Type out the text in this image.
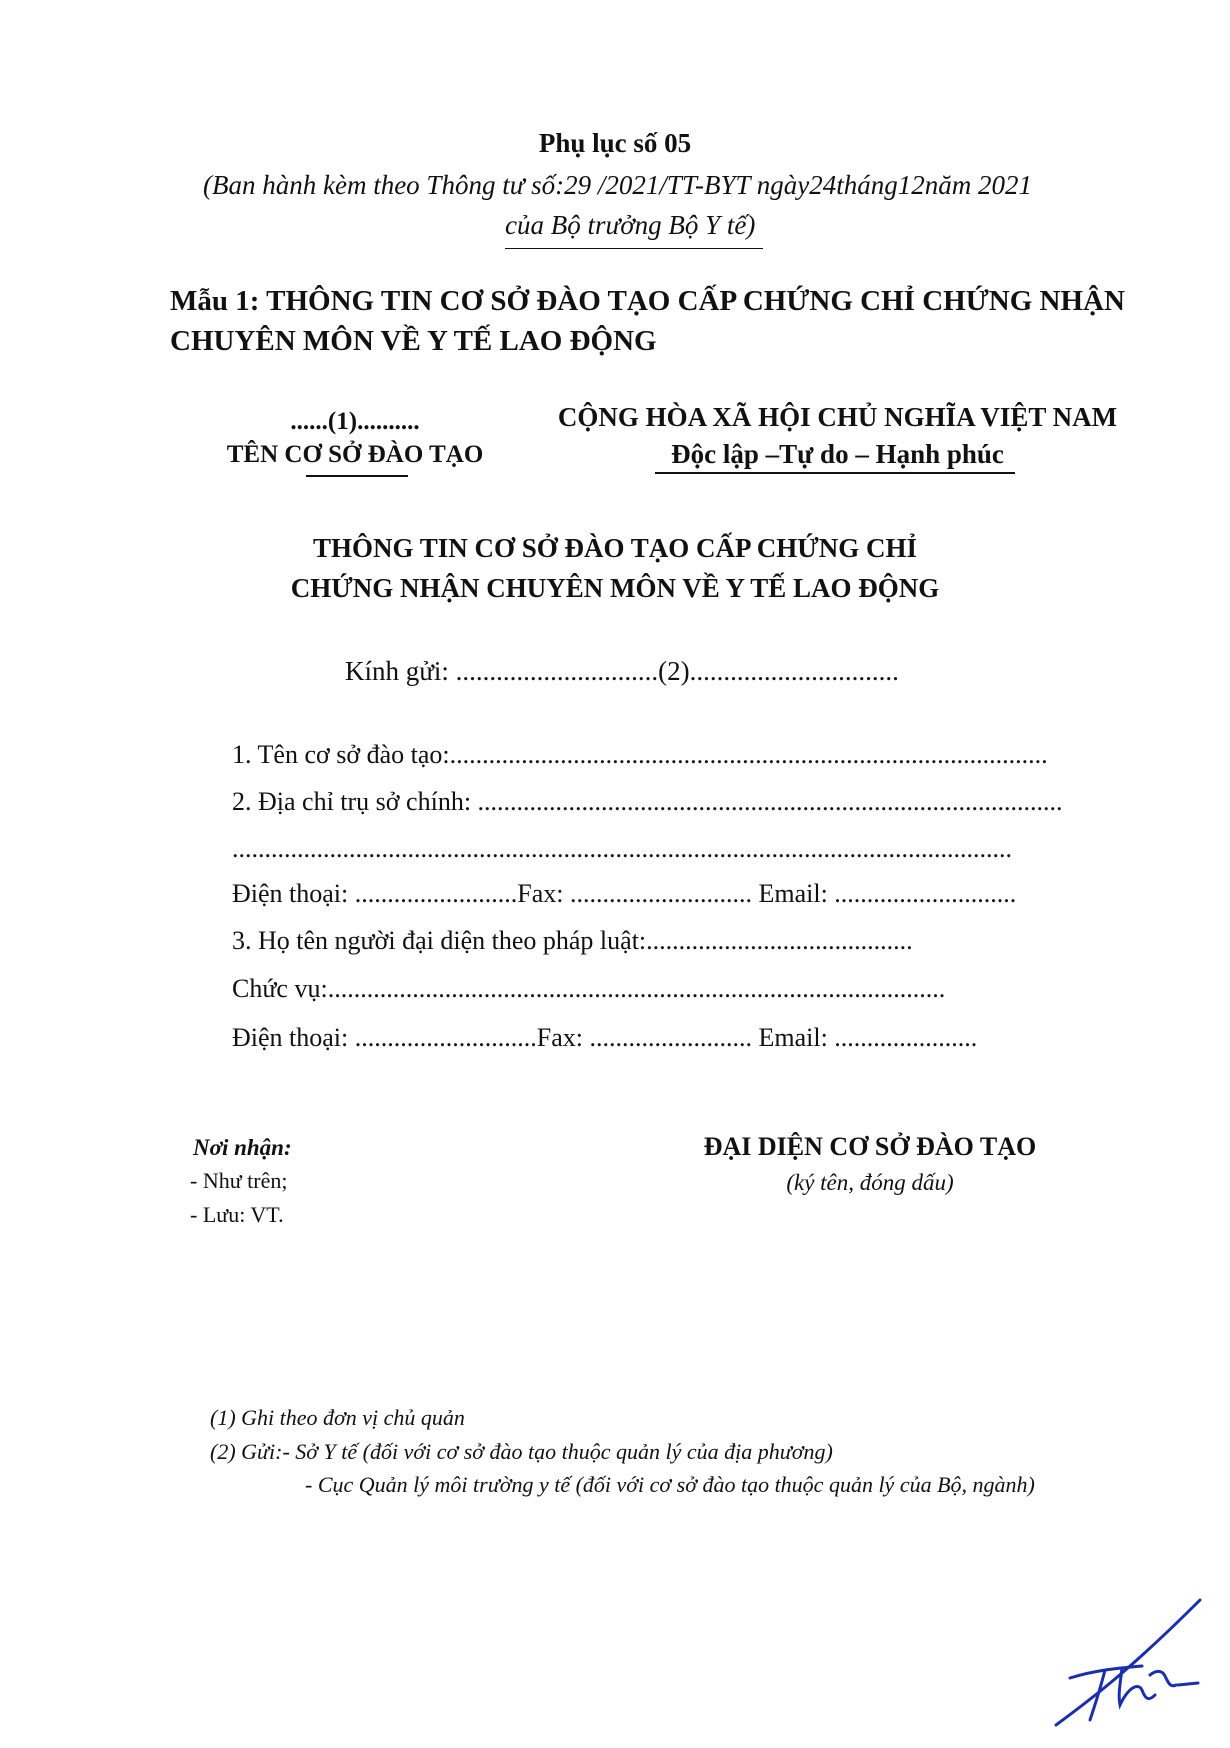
Phụ lục số 05
(Ban hành kèm theo Thông tư số:29 /2021/TT-BYT ngày24tháng12năm 2021
của Bộ trưởng Bộ Y tế)
Mẫu 1: THÔNG TIN CƠ SỞ ĐÀO TẠO CẤP CHỨNG CHỈ CHỨNG NHẬN
CHUYÊN MÔN VỀ Y TẾ LAO ĐỘNG
......(1)..........
TÊN CƠ SỞ ĐÀO TẠO
CỘNG HÒA XÃ HỘI CHỦ NGHĨA VIỆT NAM
Độc lập –Tự do – Hạnh phúc
THÔNG TIN CƠ SỞ ĐÀO TẠO CẤP CHỨNG CHỈ
CHỨNG NHẬN CHUYÊN MÔN VỀ Y TẾ LAO ĐỘNG
Kính gửi: ..............................(2)...............................
1. Tên cơ sở đào tạo:............................................................................................
2. Địa chỉ trụ sở chính: ..........................................................................................
........................................................................................................................
Điện thoại: .........................Fax: ............................ Email: ............................
3. Họ tên người đại diện theo pháp luật:.........................................
Chức vụ:...............................................................................................
Điện thoại: ............................Fax: ......................... Email: ......................
Nơi nhận:
- Như trên;
- Lưu: VT.
ĐẠI DIỆN CƠ SỞ ĐÀO TẠO
(ký tên, đóng dấu)
(1) Ghi theo đơn vị chủ quản
(2) Gửi:- Sở Y tế (đối với cơ sở đào tạo thuộc quản lý của địa phương)
- Cục Quản lý môi trường y tế (đối với cơ sở đào tạo thuộc quản lý của Bộ, ngành)
